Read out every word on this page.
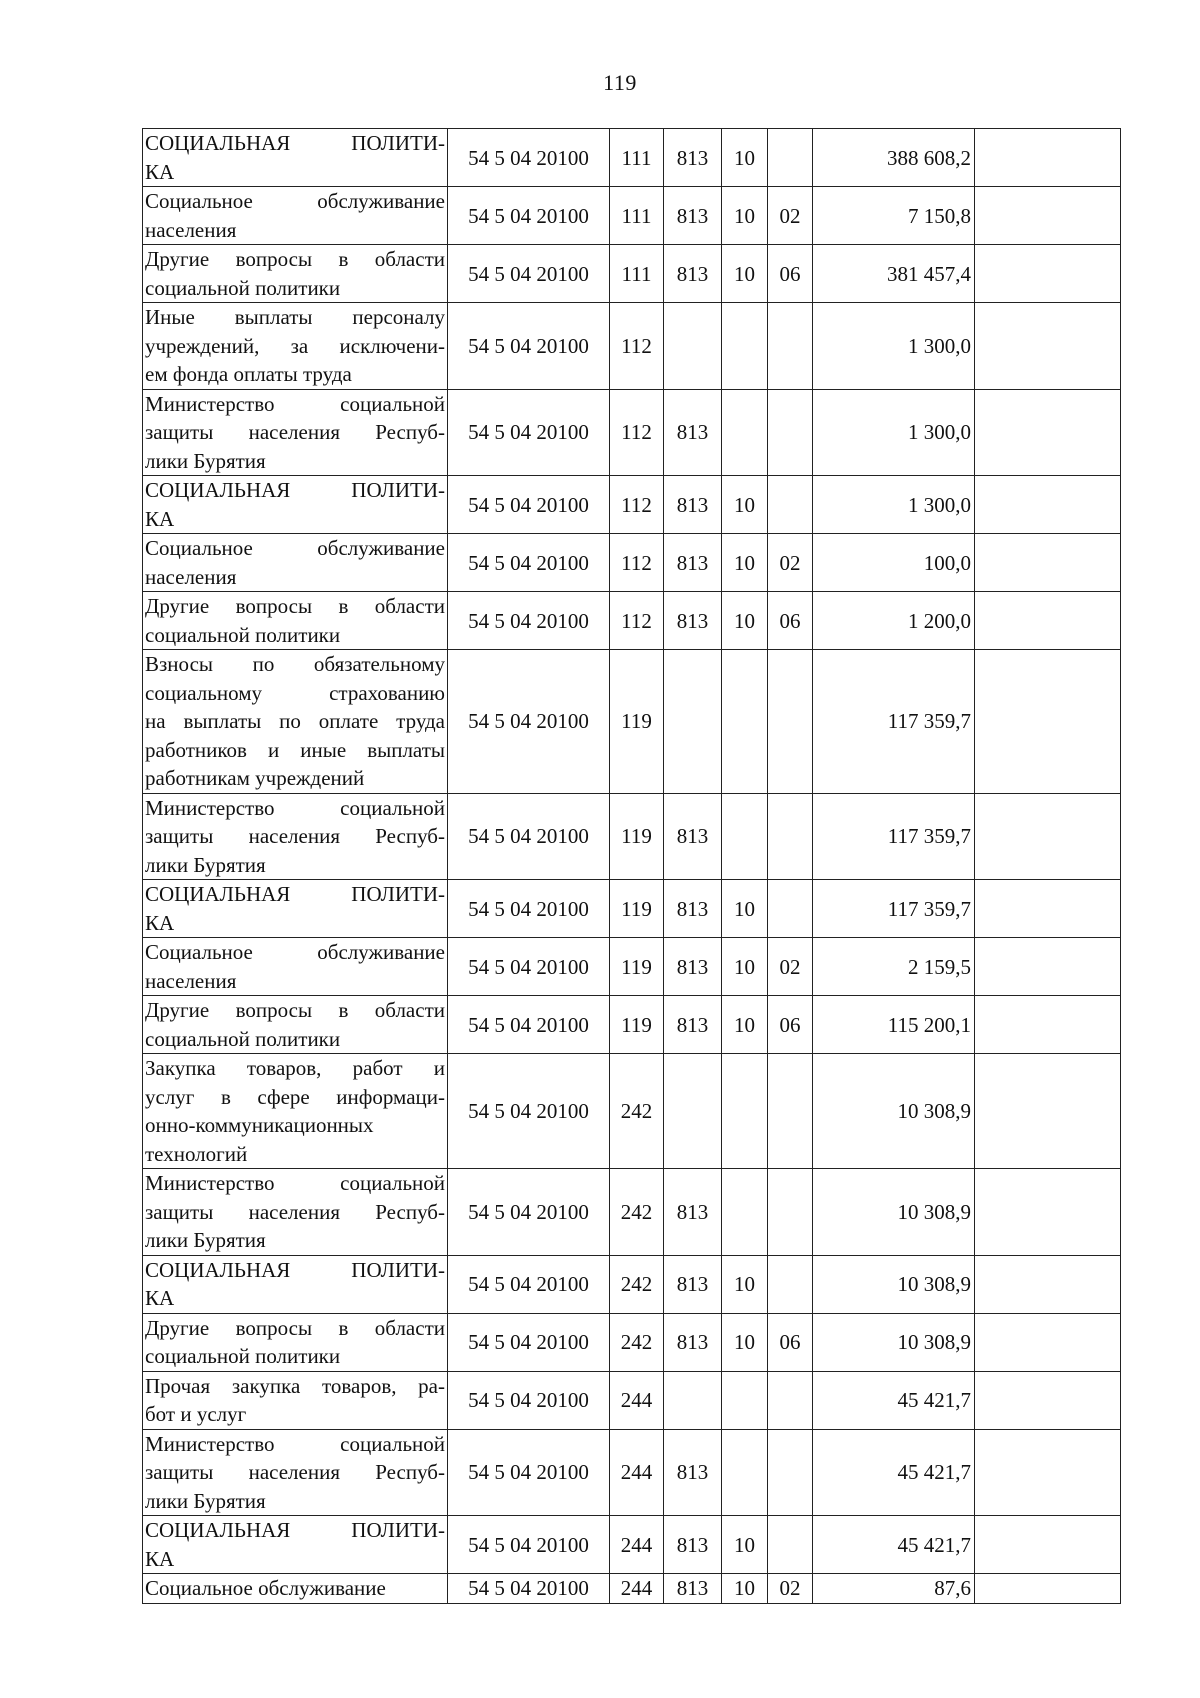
119
СОЦИАЛЬНАЯ ПОЛИТИ-
КА	54 5 04 20100	111	813	10		388 608,2	

Социальное обслуживание
населения	54 5 04 20100	111	813	10	02	7 150,8	

Другие вопросы в области
социальной политики	54 5 04 20100	111	813	10	06	381 457,4	

Иные выплаты персоналу
учреждений, за исключени-
ем фонда оплаты труда	54 5 04 20100	112				1 300,0	

Министерство социальной
защиты населения Респуб-
лики Бурятия	54 5 04 20100	112	813			1 300,0	

СОЦИАЛЬНАЯ ПОЛИТИ-
КА	54 5 04 20100	112	813	10		1 300,0	

Социальное обслуживание
населения	54 5 04 20100	112	813	10	02	100,0	

Другие вопросы в области
социальной политики	54 5 04 20100	112	813	10	06	1 200,0	

Взносы по обязательному
социальному страхованию
на выплаты по оплате труда
работников и иные выплаты
работникам учреждений	54 5 04 20100	119				117 359,7	

Министерство социальной
защиты населения Респуб-
лики Бурятия	54 5 04 20100	119	813			117 359,7	

СОЦИАЛЬНАЯ ПОЛИТИ-
КА	54 5 04 20100	119	813	10		117 359,7	

Социальное обслуживание
населения	54 5 04 20100	119	813	10	02	2 159,5	

Другие вопросы в области
социальной политики	54 5 04 20100	119	813	10	06	115 200,1	

Закупка товаров, работ и
услуг в сфере информаци-
онно-коммуникационных
технологий	54 5 04 20100	242				10 308,9	

Министерство социальной
защиты населения Респуб-
лики Бурятия	54 5 04 20100	242	813			10 308,9	

СОЦИАЛЬНАЯ ПОЛИТИ-
КА	54 5 04 20100	242	813	10		10 308,9	

Другие вопросы в области
социальной политики	54 5 04 20100	242	813	10	06	10 308,9	

Прочая закупка товаров, ра-
бот и услуг	54 5 04 20100	244				45 421,7	

Министерство социальной
защиты населения Респуб-
лики Бурятия	54 5 04 20100	244	813			45 421,7	

СОЦИАЛЬНАЯ ПОЛИТИ-
КА	54 5 04 20100	244	813	10		45 421,7	

Социальное обслуживание	54 5 04 20100	244	813	10	02	87,6	
